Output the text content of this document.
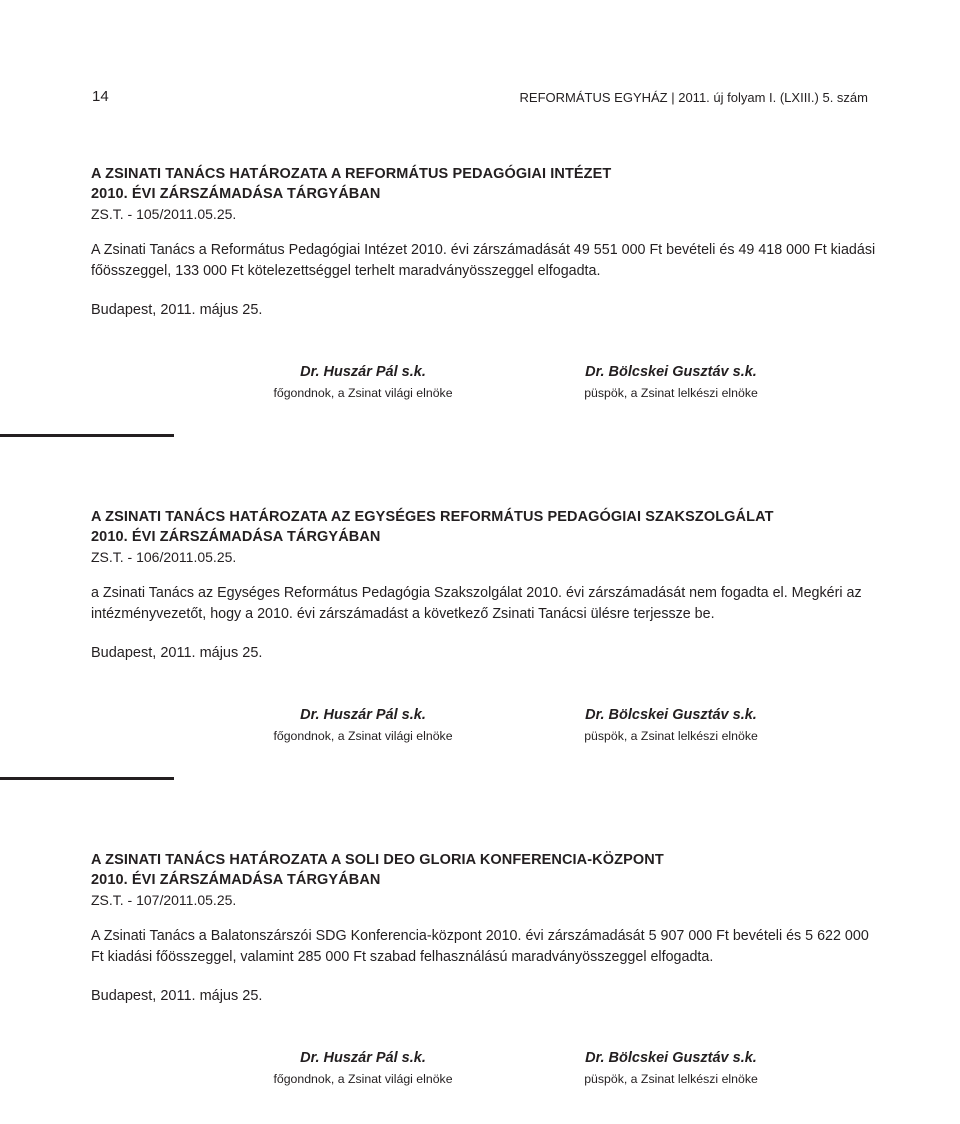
14	REFORMÁTUS EGYHÁZ | 2011. új folyam I. (LXIII.) 5. szám
A ZSINATI TANÁCS HATÁROZATA A REFORMÁTUS PEDAGÓGIAI INTÉZET
2010. ÉVI ZÁRSZÁMADÁSA TÁRGYÁBAN
ZS.T. - 105/2011.05.25.

A Zsinati Tanács a Református Pedagógiai Intézet 2010. évi zárszámadását 49 551 000 Ft bevételi és 49 418 000 Ft kiadási főösszeggel, 133 000 Ft kötelezettséggel terhelt maradványösszeggel elfogadta.

Budapest, 2011. május 25.
Dr. Huszár Pál s.k.
főgondnok, a Zsinat világi elnöke
Dr. Bölcskei Gusztáv s.k.
püspök, a Zsinat lelkészi elnöke
A ZSINATI TANÁCS HATÁROZATA AZ EGYSÉGES REFORMÁTUS PEDAGÓGIAI SZAKSZOLGÁLAT
2010. ÉVI ZÁRSZÁMADÁSA TÁRGYÁBAN
ZS.T. - 106/2011.05.25.

a Zsinati Tanács az Egységes Református Pedagógia Szakszolgálat 2010. évi zárszámadását nem fogadta el. Megkéri az intézményvezetőt, hogy a 2010. évi zárszámadást a következő Zsinati Tanácsi ülésre terjessze be.

Budapest, 2011. május 25.
Dr. Huszár Pál s.k.
főgondnok, a Zsinat világi elnöke
Dr. Bölcskei Gusztáv s.k.
püspök, a Zsinat lelkészi elnöke
A ZSINATI TANÁCS HATÁROZATA A SOLI DEO GLORIA KONFERENCIA-KÖZPONT
2010. ÉVI ZÁRSZÁMADÁSA TÁRGYÁBAN
ZS.T. - 107/2011.05.25.

A Zsinati Tanács a Balatonszárszói SDG Konferencia-központ 2010. évi zárszámadását 5 907 000 Ft bevételi és 5 622 000 Ft kiadási főösszeggel, valamint 285 000 Ft szabad felhasználású maradványösszeggel elfogadta.

Budapest, 2011. május 25.
Dr. Huszár Pál s.k.
főgondnok, a Zsinat világi elnöke
Dr. Bölcskei Gusztáv s.k.
püspök, a Zsinat lelkészi elnöke
